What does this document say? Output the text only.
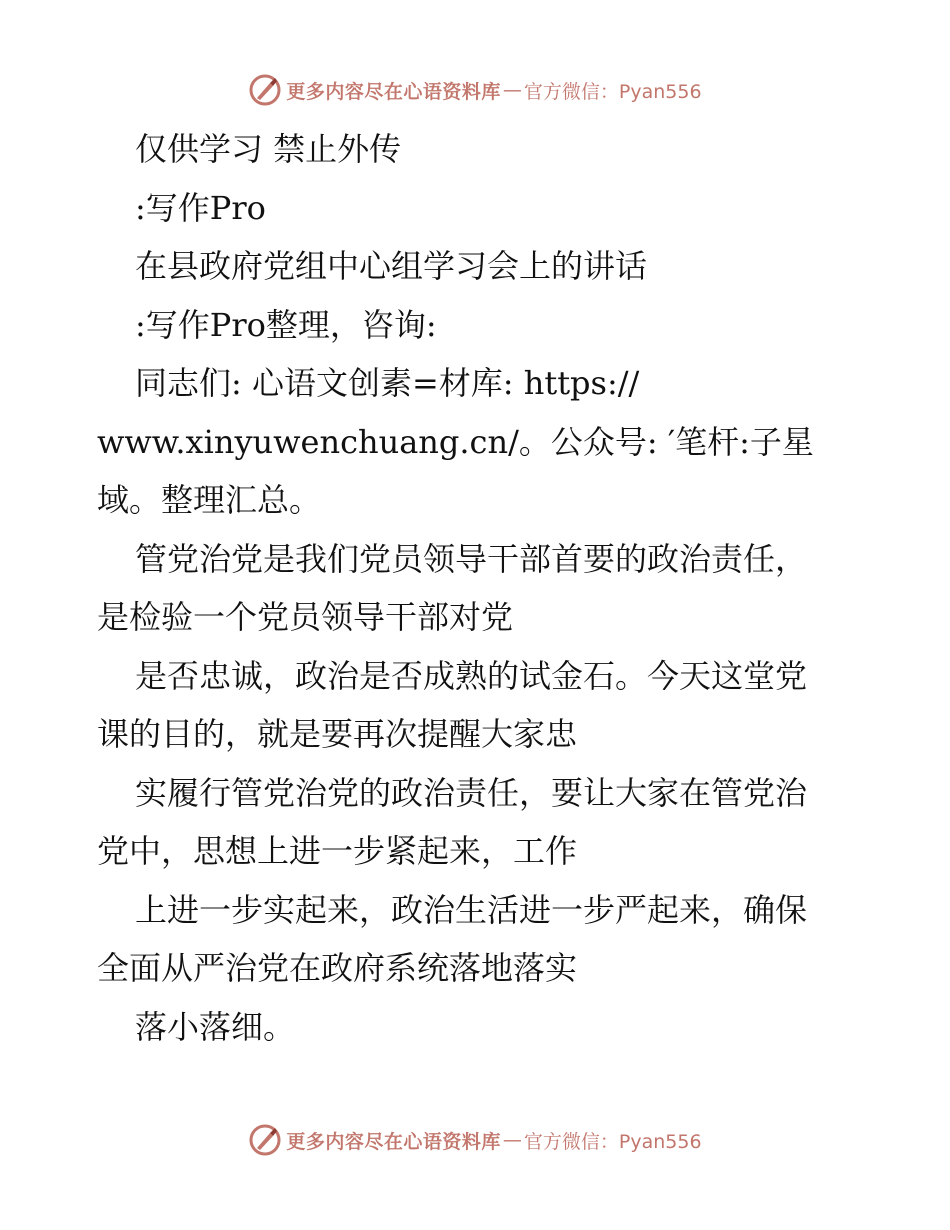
更多内容尽在心语资料库 — 官方微信：Pyan556
仅供学习 禁止外传
:写作Pro
在县政府党组中心组学习会上的讲话
:写作Pro整理，咨询:
同志们: 心语文创素=材库: https://
www.xinyuwenchuang.cn/。公众号: ′笔杆:子星
域。整理汇总。
管党治党是我们党员领导干部首要的政治责任，
是检验一个党员领导干部对党
是否忠诚，政治是否成熟的试金石。今天这堂党
课的目的，就是要再次提醒大家忠
实履行管党治党的政治责任，要让大家在管党治
党中，思想上进一步紧起来，工作
上进一步实起来，政治生活进一步严起来，确保
全面从严治党在政府系统落地落实
落小落细。
更多内容尽在心语资料库 — 官方微信：Pyan556
